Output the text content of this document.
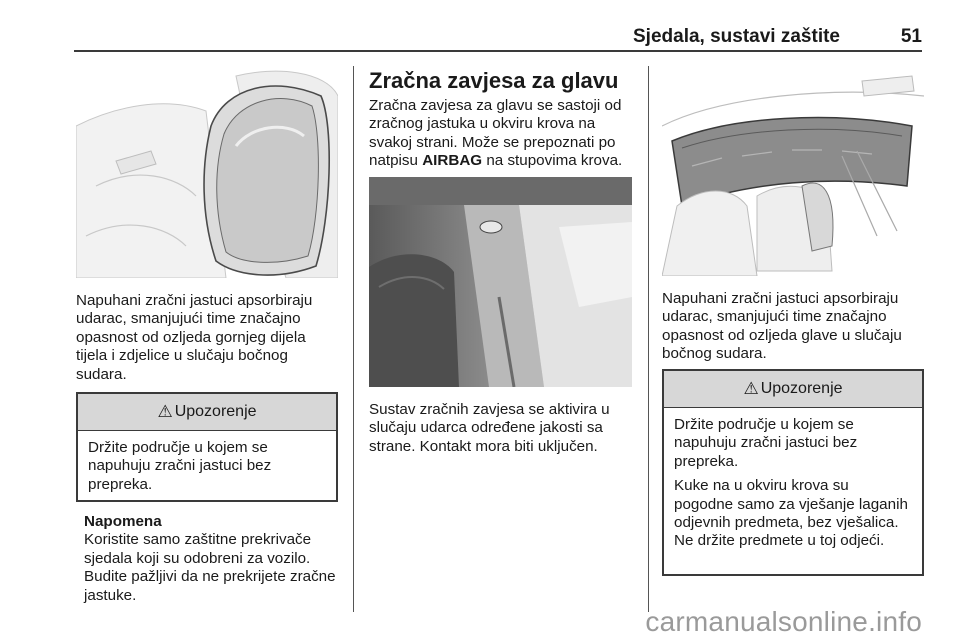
Sjedala, sustavi zaštite	51

Napuhani zračni jastuci apsorbiraju udarac, smanjujući time značajno opasnost od ozljeda gornjeg dijela tijela i zdjelice u slučaju bočnog sudara.

⚠ Upozorenje

Držite područje u kojem se napuhuju zračni jastuci bez prepreka.

Napomena
Koristite samo zaštitne prekrivače sjedala koji su odobreni za vozilo. Budite pažljivi da ne prekrijete zračne jastuke.
Zračna zavjesa za glavu

Zračna zavjesa za glavu se sastoji od zračnog jastuka u okviru krova na svakoj strani. Može se prepoznati po natpisu AIRBAG na stupovima krova.

Sustav zračnih zavjesa se aktivira u slučaju udarca određene jakosti sa strane. Kontakt mora biti uključen.

Napuhani zračni jastuci apsorbiraju udarac, smanjujući time značajno opasnost od ozljeda glave u slučaju bočnog sudara.

⚠ Upozorenje

Držite područje u kojem se napuhuju zračni jastuci bez prepreka.

Kuke na u okviru krova su pogodne samo za vješanje laganih odjevnih predmeta, bez vješalica. Ne držite predmete u toj odjeći.

carmanualsonline.info
